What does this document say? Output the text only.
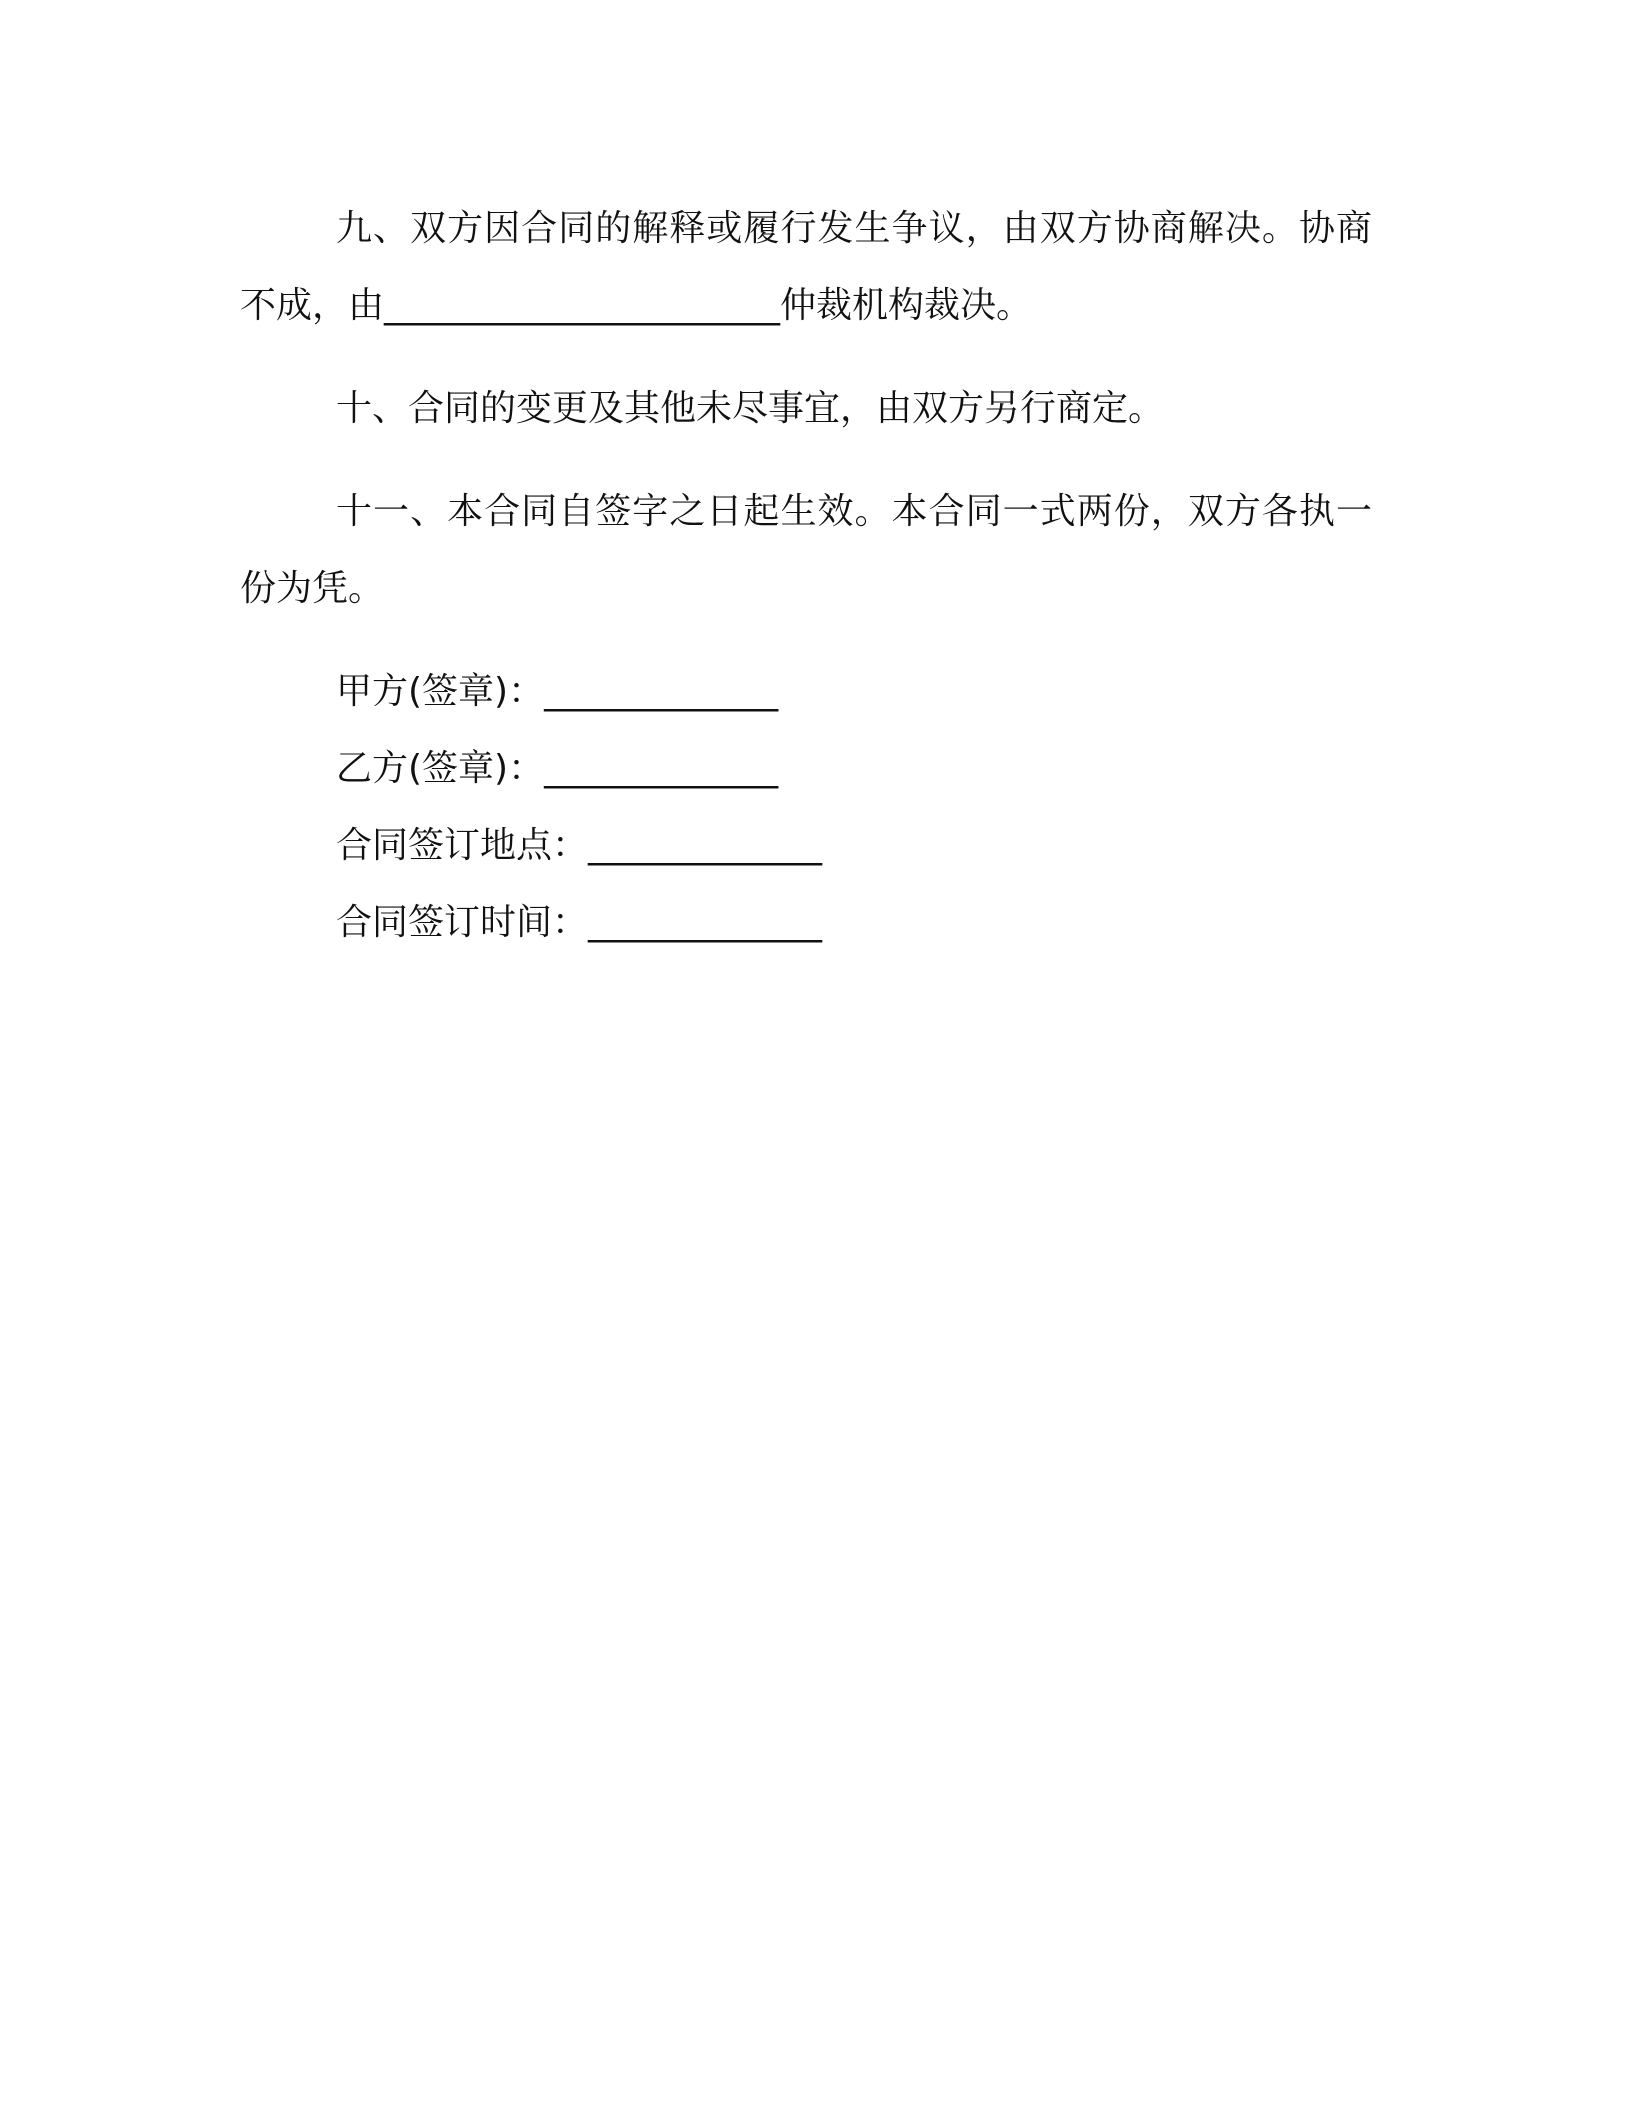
九、双方因合同的解释或履行发生争议，由双方协商解决。协商不成，由______________________仲裁机构裁决。

十、合同的变更及其他未尽事宜，由双方另行商定。

十一、本合同自签字之日起生效。本合同一式两份，双方各执一份为凭。

甲方(签章)：_____________

乙方(签章)：_____________

合同签订地点：_____________

合同签订时间：_____________
